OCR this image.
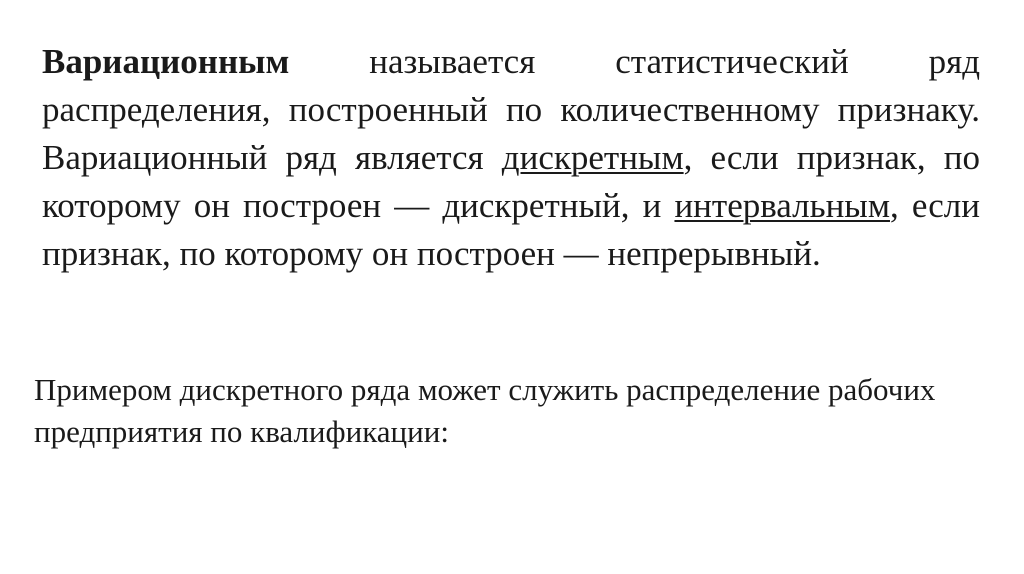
Вариационным называется статистический ряд распределения, построенный по количественному признаку. Вариационный ряд является дискретным, если признак, по которому он построен — дискретный, и интервальным, если признак, по которому он построен — непрерывный.

Примером дискретного ряда может служить распределение рабочих предприятия по квалификации:
